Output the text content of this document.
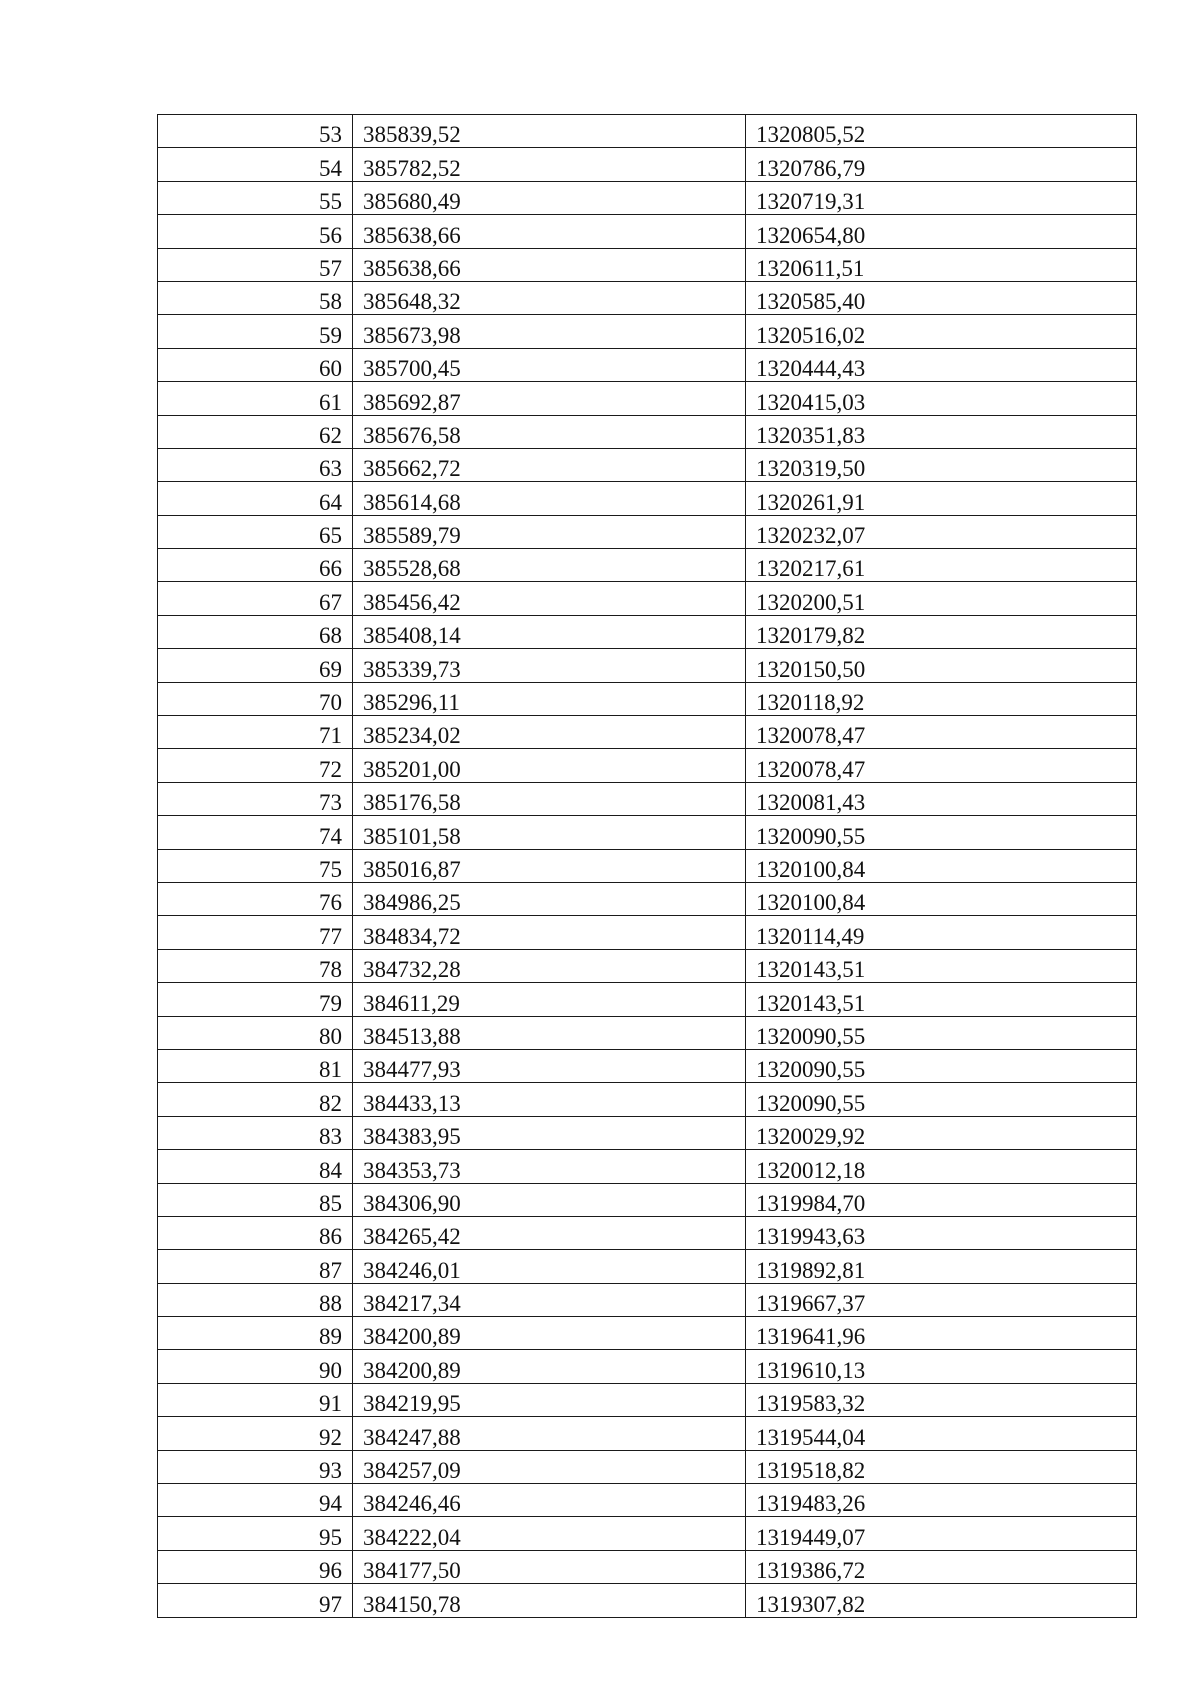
53	385839,52	1320805,52
54	385782,52	1320786,79
55	385680,49	1320719,31
56	385638,66	1320654,80
57	385638,66	1320611,51
58	385648,32	1320585,40
59	385673,98	1320516,02
60	385700,45	1320444,43
61	385692,87	1320415,03
62	385676,58	1320351,83
63	385662,72	1320319,50
64	385614,68	1320261,91
65	385589,79	1320232,07
66	385528,68	1320217,61
67	385456,42	1320200,51
68	385408,14	1320179,82
69	385339,73	1320150,50
70	385296,11	1320118,92
71	385234,02	1320078,47
72	385201,00	1320078,47
73	385176,58	1320081,43
74	385101,58	1320090,55
75	385016,87	1320100,84
76	384986,25	1320100,84
77	384834,72	1320114,49
78	384732,28	1320143,51
79	384611,29	1320143,51
80	384513,88	1320090,55
81	384477,93	1320090,55
82	384433,13	1320090,55
83	384383,95	1320029,92
84	384353,73	1320012,18
85	384306,90	1319984,70
86	384265,42	1319943,63
87	384246,01	1319892,81
88	384217,34	1319667,37
89	384200,89	1319641,96
90	384200,89	1319610,13
91	384219,95	1319583,32
92	384247,88	1319544,04
93	384257,09	1319518,82
94	384246,46	1319483,26
95	384222,04	1319449,07
96	384177,50	1319386,72
97	384150,78	1319307,82
